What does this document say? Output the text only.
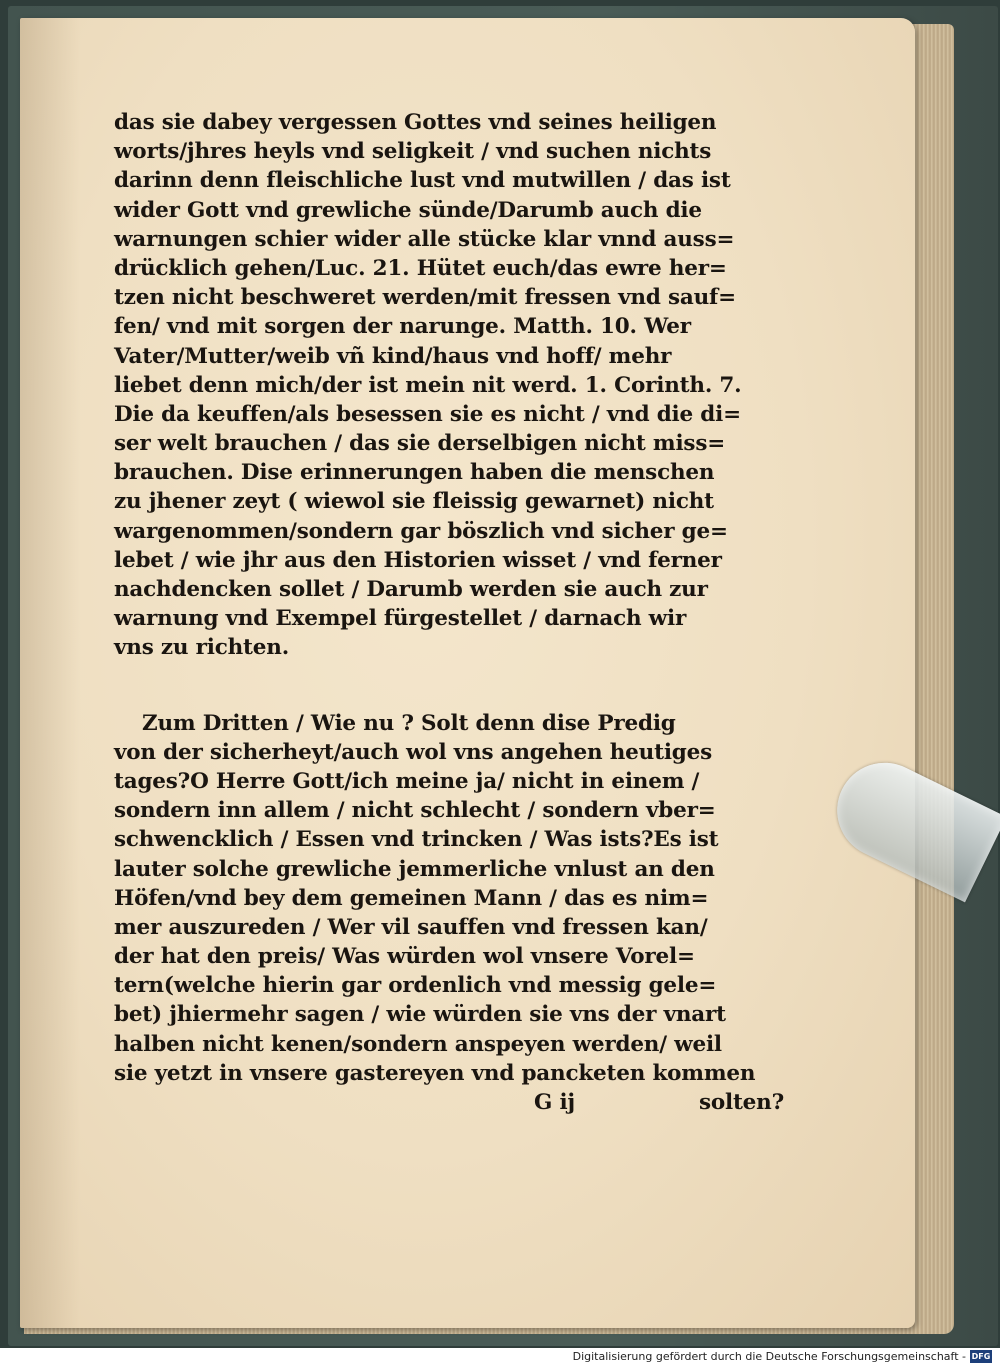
das sie dabey vergessen Gottes vnd seines heiligen
worts/jhres heyls vnd seligkeit / vnd suchen nichts
darinn denn fleischliche lust vnd mutwillen / das ist
wider Gott vnd grewliche sünde/Darumb auch die
warnungen schier wider alle stücke klar vnnd auss=
drücklich gehen/Luc. 21. Hütet euch/das ewre her=
tzen nicht beschweret werden/mit fressen vnd sauf=
fen/ vnd mit sorgen der narunge. Matth. 10. Wer
Vater/Mutter/weib vñ kind/haus vnd hoff/ mehr
liebet denn mich/der ist mein nit werd. 1. Corinth. 7.
Die da keuffen/als besessen sie es nicht / vnd die di=
ser welt brauchen / das sie derselbigen nicht miss=
brauchen. Dise erinnerungen haben die menschen
zu jhener zeyt ( wiewol sie fleissig gewarnet) nicht
wargenommen/sondern gar böszlich vnd sicher ge=
lebet / wie jhr aus den Historien wisset / vnd ferner
nachdencken sollet / Darumb werden sie auch zur
warnung vnd Exempel fürgestellet / darnach wir
vns zu richten.
Zum Dritten / Wie nu ? Solt denn dise Predig
von der sicherheyt/auch wol vns angehen heutiges
tages?O Herre Gott/ich meine ja/ nicht in einem /
sondern inn allem / nicht schlecht / sondern vber=
schwencklich / Essen vnd trincken / Was ists?Es ist
lauter solche grewliche jemmerliche vnlust an den
Höfen/vnd bey dem gemeinen Mann / das es nim=
mer auszureden / Wer vil sauffen vnd fressen kan/
der hat den preis/ Was würden wol vnsere Vorel=
tern(welche hierin gar ordenlich vnd messig gele=
bet) jhiermehr sagen / wie würden sie vns der vnart
halben nicht kenen/sondern anspeyen werden/ weil
sie yetzt in vnsere gastereyen vnd pancketen kommen
G ij	solten?
Digitalisierung gefördert durch die Deutsche Forschungsgemeinschaft - DFG
